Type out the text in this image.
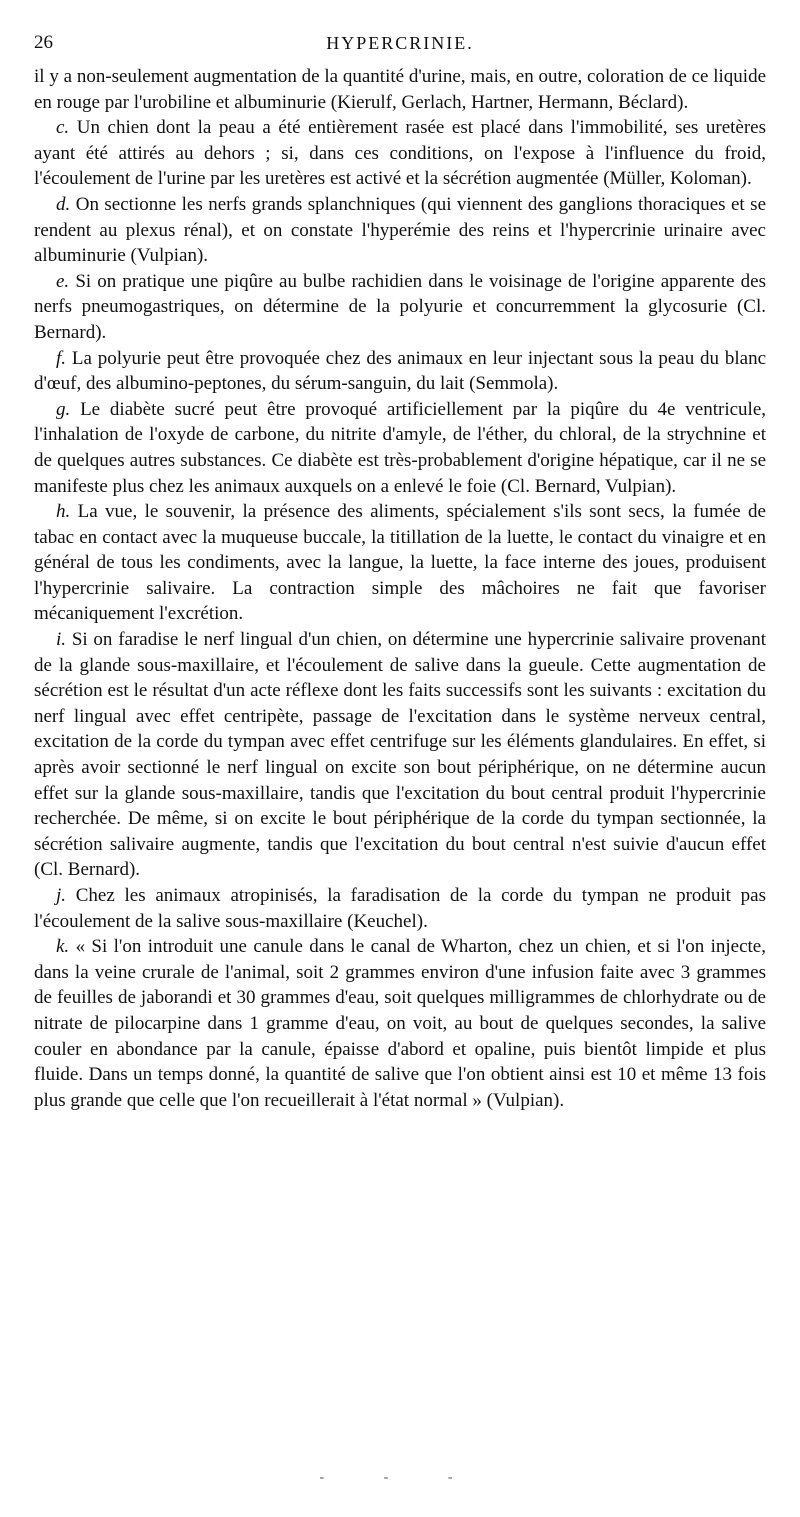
26	HYPERCRINIE.

il y a non-seulement augmentation de la quantité d'urine, mais, en outre, coloration de ce liquide en rouge par l'urobiline et albuminurie (Kierulf, Gerlach, Hartner, Hermann, Béclard).

c. Un chien dont la peau a été entièrement rasée est placé dans l'immobilité, ses uretères ayant été attirés au dehors ; si, dans ces conditions, on l'expose à l'influence du froid, l'écoulement de l'urine par les uretères est activé et la sécrétion augmentée (Müller, Koloman).

d. On sectionne les nerfs grands splanchniques (qui viennent des ganglions thoraciques et se rendent au plexus rénal), et on constate l'hyperémie des reins et l'hypercrinie urinaire avec albuminurie (Vulpian).

e. Si on pratique une piqûre au bulbe rachidien dans le voisinage de l'origine apparente des nerfs pneumogastriques, on détermine de la polyurie et concurremment la glycosurie (Cl. Bernard).

f. La polyurie peut être provoquée chez des animaux en leur injectant sous la peau du blanc d'œuf, des albumino-peptones, du sérum-sanguin, du lait (Semmola).

g. Le diabète sucré peut être provoqué artificiellement par la piqûre du 4e ventricule, l'inhalation de l'oxyde de carbone, du nitrite d'amyle, de l'éther, du chloral, de la strychnine et de quelques autres substances. Ce diabète est très-probablement d'origine hépatique, car il ne se manifeste plus chez les animaux auxquels on a enlevé le foie (Cl. Bernard, Vulpian).

h. La vue, le souvenir, la présence des aliments, spécialement s'ils sont secs, la fumée de tabac en contact avec la muqueuse buccale, la titillation de la luette, le contact du vinaigre et en général de tous les condiments, avec la langue, la luette, la face interne des joues, produisent l'hypercrinie salivaire. La contraction simple des mâchoires ne fait que favoriser mécaniquement l'excrétion.

i. Si on faradise le nerf lingual d'un chien, on détermine une hypercrinie salivaire provenant de la glande sous-maxillaire, et l'écoulement de salive dans la gueule. Cette augmentation de sécrétion est le résultat d'un acte réflexe dont les faits successifs sont les suivants : excitation du nerf lingual avec effet centripète, passage de l'excitation dans le système nerveux central, excitation de la corde du tympan avec effet centrifuge sur les éléments glandulaires. En effet, si après avoir sectionné le nerf lingual on excite son bout périphérique, on ne détermine aucun effet sur la glande sous-maxillaire, tandis que l'excitation du bout central produit l'hypercrinie recherchée. De même, si on excite le bout périphérique de la corde du tympan sectionnée, la sécrétion salivaire augmente, tandis que l'excitation du bout central n'est suivie d'aucun effet (Cl. Bernard).

j. Chez les animaux atropinisés, la faradisation de la corde du tympan ne produit pas l'écoulement de la salive sous-maxillaire (Keuchel).

k. « Si l'on introduit une canule dans le canal de Wharton, chez un chien, et si l'on injecte, dans la veine crurale de l'animal, soit 2 grammes environ d'une infusion faite avec 3 grammes de feuilles de jaborandi et 30 grammes d'eau, soit quelques milligrammes de chlorhydrate ou de nitrate de pilocarpine dans 1 gramme d'eau, on voit, au bout de quelques secondes, la salive couler en abondance par la canule, épaisse d'abord et opaline, puis bientôt limpide et plus fluide. Dans un temps donné, la quantité de salive que l'on obtient ainsi est 10 et même 13 fois plus grande que celle que l'on recueillerait à l'état normal » (Vulpian).

- - -
